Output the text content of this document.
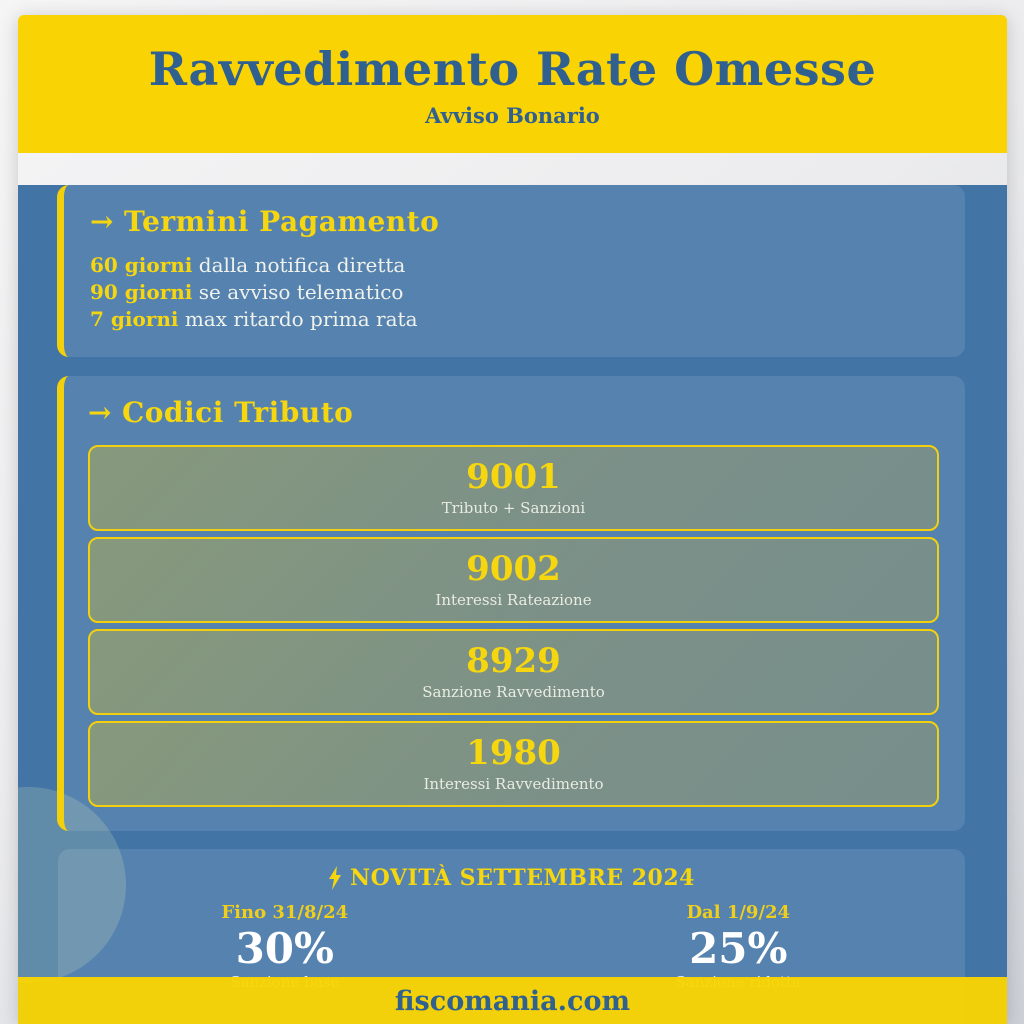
Ravvedimento Rate Omesse
Avviso Bonario
→ Termini Pagamento
60 giorni dalla notifica diretta
90 giorni se avviso telematico
7 giorni max ritardo prima rata
→ Codici Tributo
9001
Tributo + Sanzioni
9002
Interessi Rateazione
8929
Sanzione Ravvedimento
1980
Interessi Ravvedimento
NOVITÀ SETTEMBRE 2024
Fino 31/8/24
30%
Dal 1/9/24
25%
fiscomania.com
